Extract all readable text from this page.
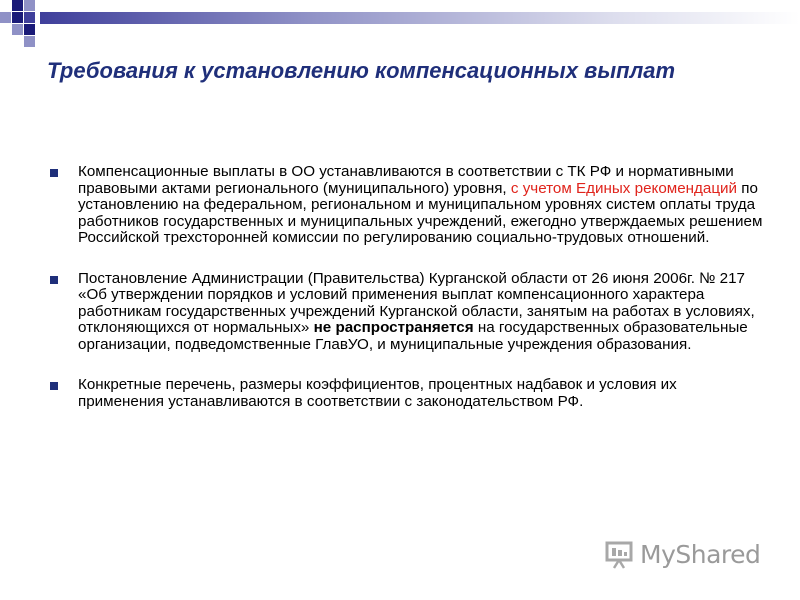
Требования к установлению компенсационных выплат
Компенсационные выплаты в ОО устанавливаются в соответствии с ТК РФ и нормативными правовыми актами регионального (муниципального) уровня, с учетом Единых рекомендаций по установлению на федеральном, региональном и муниципальном уровнях систем оплаты труда работников государственных и муниципальных учреждений, ежегодно утверждаемых решением Российской трехсторонней комиссии по регулированию социально-трудовых отношений.
Постановление Администрации (Правительства) Курганской области от 26 июня 2006г. № 217 «Об утверждении порядков и условий применения выплат компенсационного характера работникам государственных учреждений Курганской области, занятым на работах в условиях, отклоняющихся от нормальных» не распространяется на государственных образовательные организации, подведомственные ГлавУО, и муниципальные учреждения образования.
Конкретные перечень, размеры коэффициентов, процентных надбавок и условия их применения устанавливаются в соответствии с законодательством РФ.
MyShared
